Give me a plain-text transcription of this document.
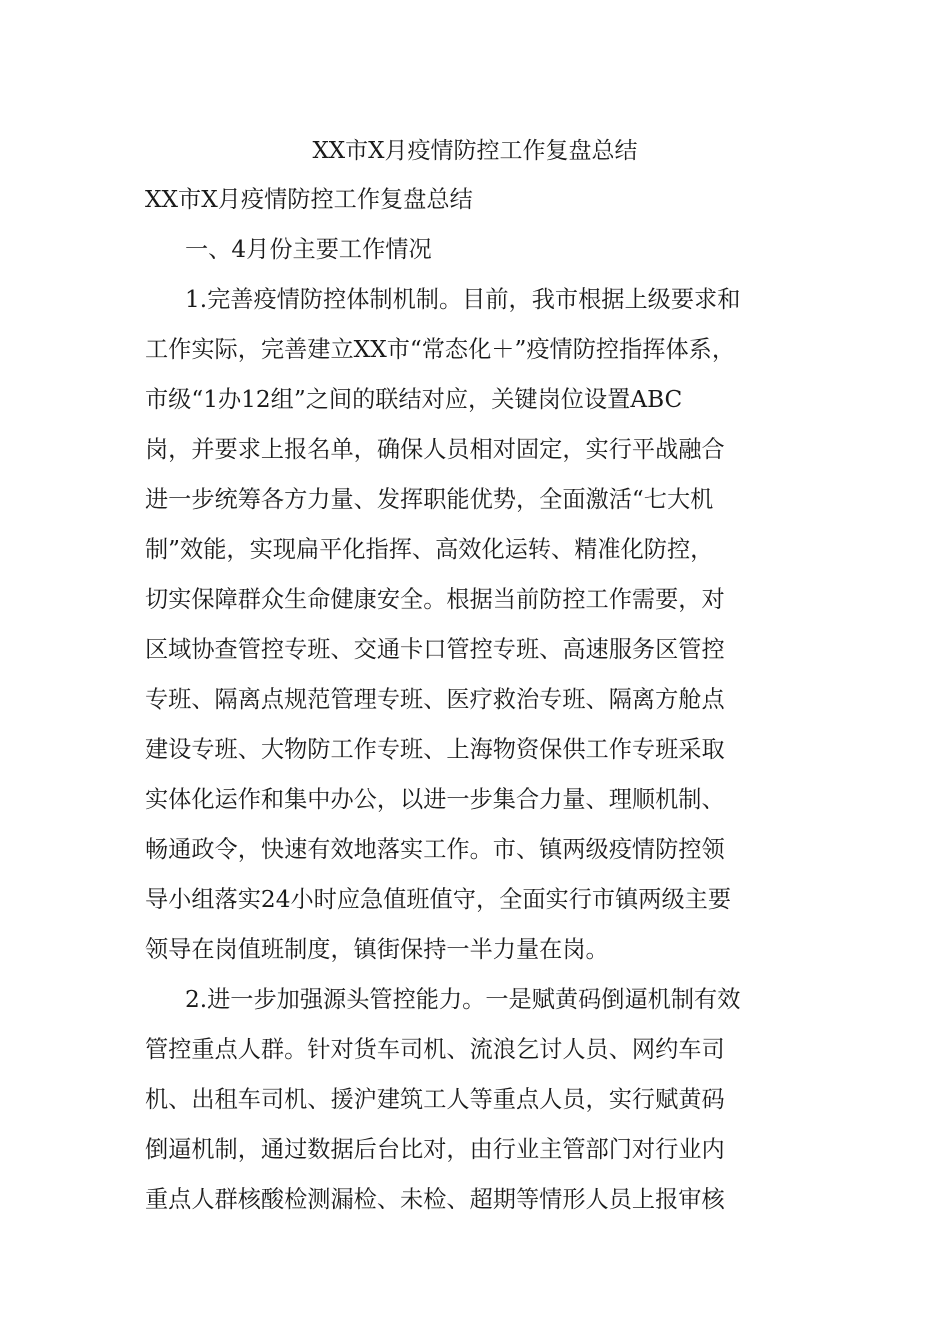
XX市X月疫情防控工作复盘总结
XX市X月疫情防控工作复盘总结
一、4月份主要工作情况
1.完善疫情防控体制机制。目前，我市根据上级要求和
工作实际，完善建立XX市“常态化＋”疫情防控指挥体系，
市级“1办12组”之间的联结对应，关键岗位设置ABC
岗，并要求上报名单，确保人员相对固定，实行平战融合
进一步统筹各方力量、发挥职能优势，全面激活“七大机
制”效能，实现扁平化指挥、高效化运转、精准化防控，
切实保障群众生命健康安全。根据当前防控工作需要，对
区域协查管控专班、交通卡口管控专班、高速服务区管控
专班、隔离点规范管理专班、医疗救治专班、隔离方舱点
建设专班、大物防工作专班、上海物资保供工作专班采取
实体化运作和集中办公，以进一步集合力量、理顺机制、
畅通政令，快速有效地落实工作。市、镇两级疫情防控领
导小组落实24小时应急值班值守，全面实行市镇两级主要
领导在岗值班制度，镇街保持一半力量在岗。
2.进一步加强源头管控能力。一是赋黄码倒逼机制有效
管控重点人群。针对货车司机、流浪乞讨人员、网约车司
机、出租车司机、援沪建筑工人等重点人员，实行赋黄码
倒逼机制，通过数据后台比对，由行业主管部门对行业内
重点人群核酸检测漏检、未检、超期等情形人员上报审核
